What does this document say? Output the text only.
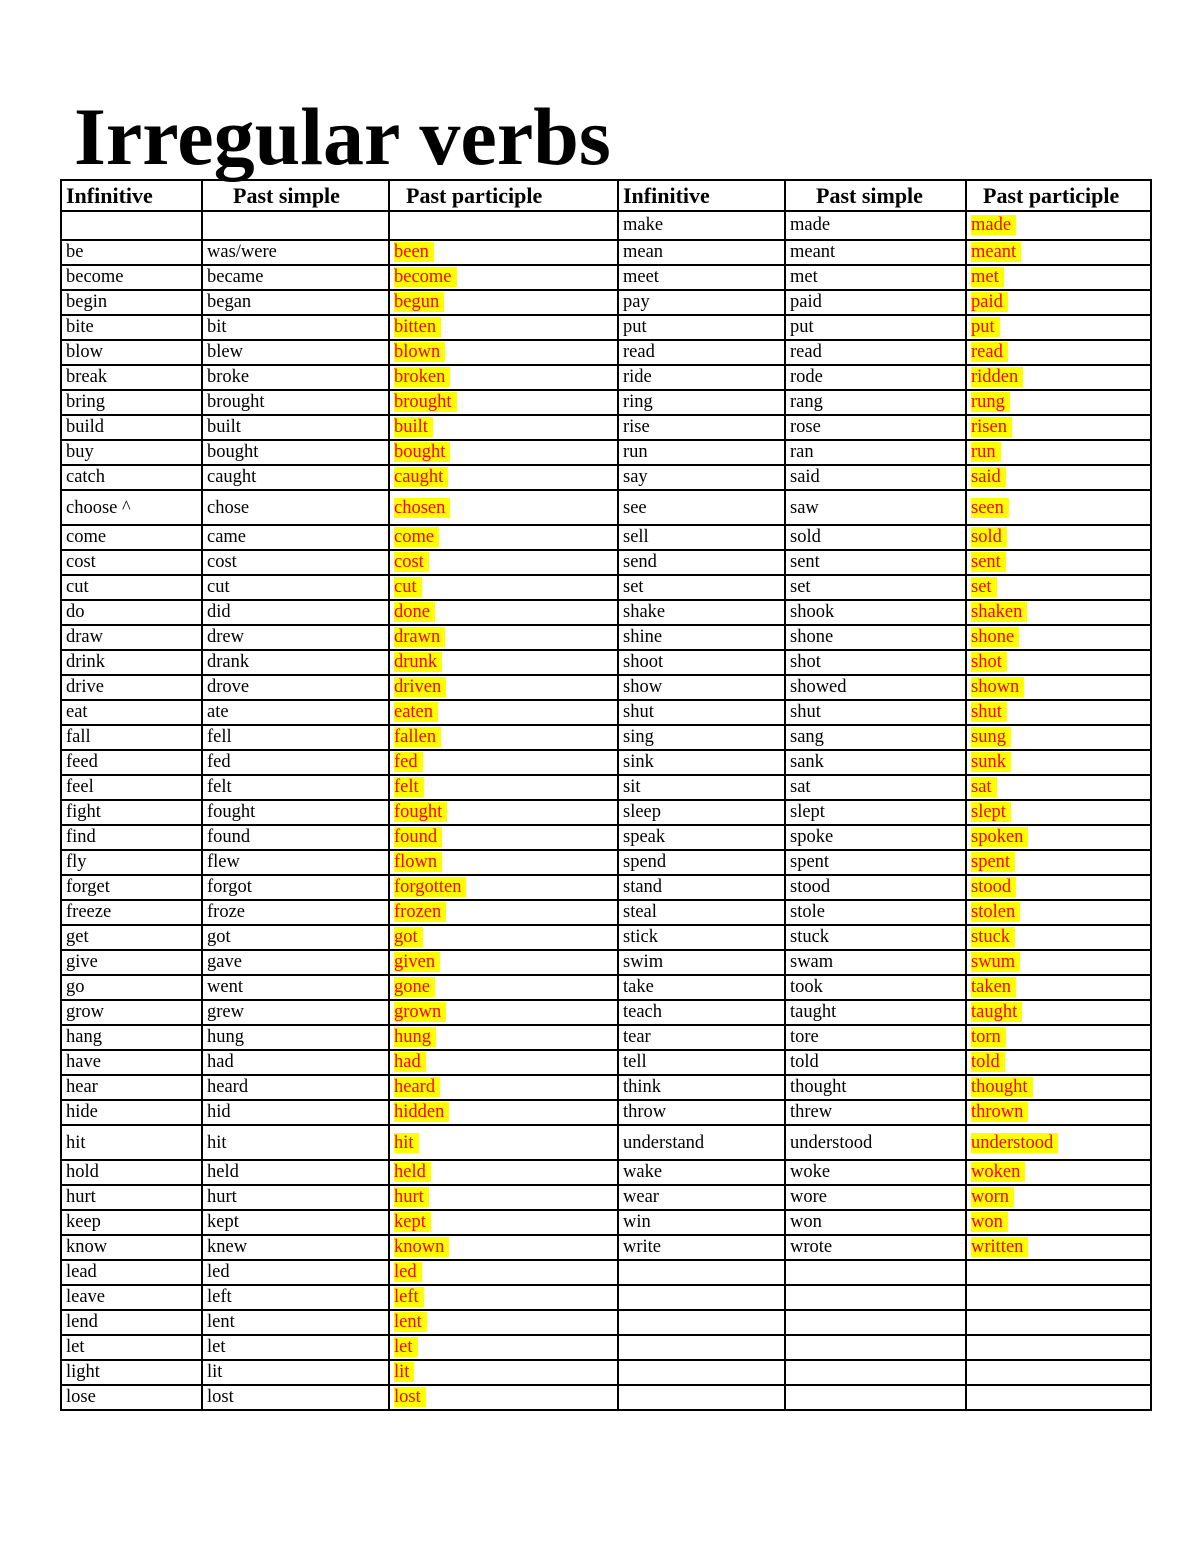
Irregular verbs
Infinitive	Past simple	Past participle	Infinitive	Past simple	Past participle
			make	made	made
be	was/were	been	mean	meant	meant
become	became	become	meet	met	met
begin	began	begun	pay	paid	paid
bite	bit	bitten	put	put	put
blow	blew	blown	read	read	read
break	broke	broken	ride	rode	ridden
bring	brought	brought	ring	rang	rung
build	built	built	rise	rose	risen
buy	bought	bought	run	ran	run
catch	caught	caught	say	said	said
choose ^	chose	chosen	see	saw	seen
come	came	come	sell	sold	sold
cost	cost	cost	send	sent	sent
cut	cut	cut	set	set	set
do	did	done	shake	shook	shaken
draw	drew	drawn	shine	shone	shone
drink	drank	drunk	shoot	shot	shot
drive	drove	driven	show	showed	shown
eat	ate	eaten	shut	shut	shut
fall	fell	fallen	sing	sang	sung
feed	fed	fed	sink	sank	sunk
feel	felt	felt	sit	sat	sat
fight	fought	fought	sleep	slept	slept
find	found	found	speak	spoke	spoken
fly	flew	flown	spend	spent	spent
forget	forgot	forgotten	stand	stood	stood
freeze	froze	frozen	steal	stole	stolen
get	got	got	stick	stuck	stuck
give	gave	given	swim	swam	swum
go	went	gone	take	took	taken
grow	grew	grown	teach	taught	taught
hang	hung	hung	tear	tore	torn
have	had	had	tell	told	told
hear	heard	heard	think	thought	thought
hide	hid	hidden	throw	threw	thrown
hit	hit	hit	understand	understood	understood
hold	held	held	wake	woke	woken
hurt	hurt	hurt	wear	wore	worn
keep	kept	kept	win	won	won
know	knew	known	write	wrote	written
lead	led	led			
leave	left	left			
lend	lent	lent			
let	let	let			
light	lit	lit			
lose	lost	lost			
